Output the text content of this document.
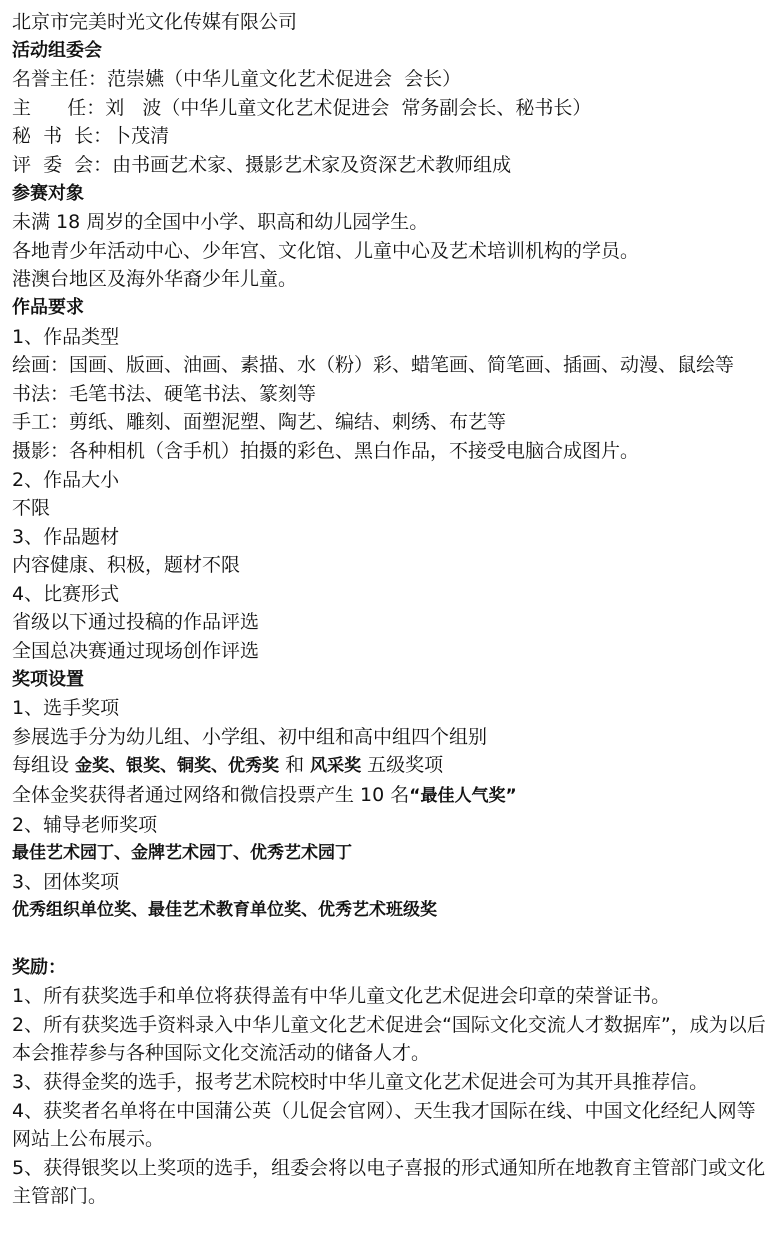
北京市完美时光文化传媒有限公司
活动组委会
名誉主任：范崇嬿（中华儿童文化艺术促进会  会长）
主      任：刘   波（中华儿童文化艺术促进会  常务副会长、秘书长）
秘  书  长：卜茂清
评  委  会：由书画艺术家、摄影艺术家及资深艺术教师组成
参赛对象
未满 18 周岁的全国中小学、职高和幼儿园学生。
各地青少年活动中心、少年宫、文化馆、儿童中心及艺术培训机构的学员。
港澳台地区及海外华裔少年儿童。
作品要求
1、作品类型
绘画：国画、版画、油画、素描、水（粉）彩、蜡笔画、简笔画、插画、动漫、鼠绘等
书法：毛笔书法、硬笔书法、篆刻等
手工：剪纸、雕刻、面塑泥塑、陶艺、编结、刺绣、布艺等
摄影：各种相机（含手机）拍摄的彩色、黑白作品，不接受电脑合成图片。
2、作品大小
不限
3、作品题材
内容健康、积极，题材不限
4、比赛形式
省级以下通过投稿的作品评选
全国总决赛通过现场创作评选
奖项设置
1、选手奖项
参展选手分为幼儿组、小学组、初中组和高中组四个组别
每组设 金奖、银奖、铜奖、优秀奖 和 风采奖 五级奖项
全体金奖获得者通过网络和微信投票产生 10 名“最佳人气奖”
2、辅导老师奖项
最佳艺术园丁、金牌艺术园丁、优秀艺术园丁
3、团体奖项
优秀组织单位奖、最佳艺术教育单位奖、优秀艺术班级奖
奖励：
1、所有获奖选手和单位将获得盖有中华儿童文化艺术促进会印章的荣誉证书。
2、所有获奖选手资料录入中华儿童文化艺术促进会“国际文化交流人才数据库”，成为以后本会推荐参与各种国际文化交流活动的储备人才。
3、获得金奖的选手，报考艺术院校时中华儿童文化艺术促进会可为其开具推荐信。
4、获奖者名单将在中国蒲公英（儿促会官网）、天生我才国际在线、中国文化经纪人网等网站上公布展示。
5、获得银奖以上奖项的选手，组委会将以电子喜报的形式通知所在地教育主管部门或文化主管部门。
